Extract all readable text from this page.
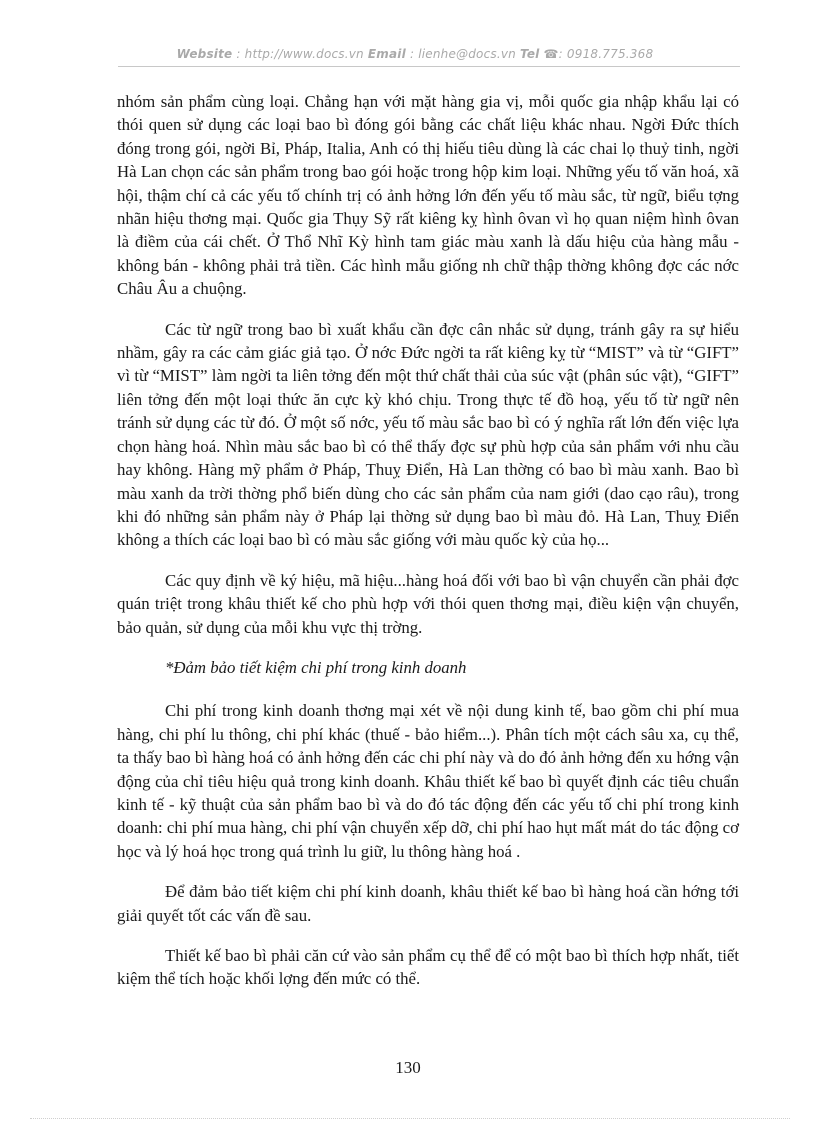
Website : http://www.docs.vn Email : lienhe@docs.vn Tel ☎: 0918.775.368

nhóm sản phẩm cùng loại. Chẳng hạn với mặt hàng gia vị, mỗi quốc gia nhập khẩu lại có thói quen sử dụng các loại bao bì đóng gói bằng các chất liệu khác nhau. Ngời Đức thích đóng trong gói, ngời Bỉ, Pháp, Italia, Anh có thị hiếu tiêu dùng là các chai lọ thuỷ tinh, ngời Hà Lan chọn các sản phẩm trong bao gói hoặc trong hộp kim loại. Những yếu tố văn hoá, xã hội, thậm chí cả các yếu tố chính trị có ảnh hởng lớn đến yếu tố màu sắc, từ ngữ, biểu tợng nhãn hiệu thơng mại. Quốc gia Thụy Sỹ rất kiêng kỵ hình ôvan vì họ quan niệm hình ôvan là điềm của cái chết. Ở Thổ Nhĩ Kỳ hình tam giác màu xanh là dấu hiệu của hàng mẫu - không bán - không phải trả tiền. Các hình mẫu giống nh chữ thập thờng không đợc các nớc Châu Âu a chuộng.

Các từ ngữ trong bao bì xuất khẩu cần đợc cân nhắc sử dụng, tránh gây ra sự hiểu nhầm, gây ra các cảm giác giả tạo. Ở nớc Đức ngời ta rất kiêng kỵ từ “MIST” và từ “GIFT” vì từ “MIST” làm ngời ta liên tởng đến một thứ chất thải của súc vật (phân súc vật), “GIFT” liên tởng đến một loại thức ăn cực kỳ khó chịu. Trong thực tế đồ hoạ, yếu tố từ ngữ nên tránh sử dụng các từ đó. Ở một số nớc, yếu tố màu sắc bao bì có ý nghĩa rất lớn đến việc lựa chọn hàng hoá. Nhìn màu sắc bao bì có thể thấy đợc sự phù hợp của sản phẩm với nhu cầu hay không. Hàng mỹ phẩm ở Pháp, Thuỵ Điển, Hà Lan thờng có bao bì màu xanh. Bao bì màu xanh da trời thờng phổ biến dùng cho các sản phẩm của nam giới (dao cạo râu), trong khi đó những sản phẩm này ở Pháp lại thờng sử dụng bao bì màu đỏ. Hà Lan, Thuỵ Điển không a thích các loại bao bì có màu sắc giống với màu quốc kỳ của họ...

Các quy định về ký hiệu, mã hiệu...hàng hoá đối với bao bì vận chuyển cần phải đợc quán triệt trong khâu thiết kế cho phù hợp với thói quen thơng mại, điều kiện vận chuyển, bảo quản, sử dụng của mỗi khu vực thị trờng.

*Đảm bảo tiết kiệm chi phí trong kinh doanh

Chi phí trong kinh doanh thơng mại xét về nội dung kinh tế, bao gồm chi phí mua hàng, chi phí lu thông, chi phí khác (thuế - bảo hiểm...). Phân tích một cách sâu xa, cụ thể, ta thấy bao bì hàng hoá có ảnh hởng đến các chi phí này và do đó ảnh hởng đến xu hớng vận động của chỉ tiêu hiệu quả trong kinh doanh. Khâu thiết kế bao bì quyết định các tiêu chuẩn kinh tế - kỹ thuật của sản phẩm bao bì và do đó tác động đến các yếu tố chi phí trong kinh doanh: chi phí mua hàng, chi phí vận chuyển xếp dỡ, chi phí hao hụt mất mát do tác động cơ học và lý hoá học trong quá trình lu giữ, lu thông hàng hoá .

Để đảm bảo tiết kiệm chi phí kinh doanh, khâu thiết kế bao bì hàng hoá cần hớng tới giải quyết tốt các vấn đề sau.

Thiết kế bao bì phải căn cứ vào sản phẩm cụ thể để có một bao bì thích hợp nhất, tiết kiệm thể tích hoặc khối lợng đến mức có thể.

130
